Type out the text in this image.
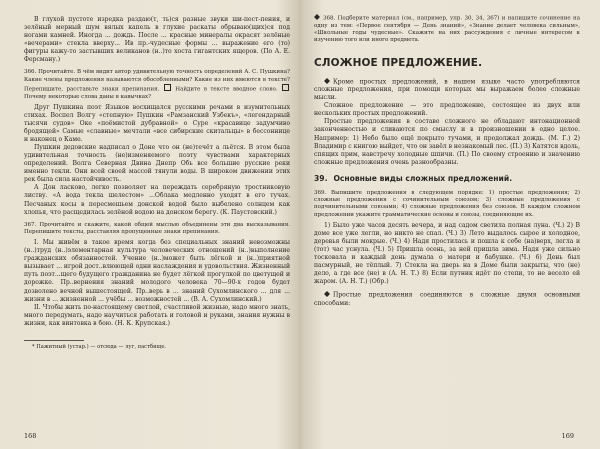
В глухой пустоте изредка раздаю(т, ть)ся разные звуки ши-пест-пения, и зелёный мерный шум вялых капель в глухие раскаты обрываю(щих)ся под ногами камней. Иногда ... дождь. После ... красные минералы окрасят зелёные «вечерами» стекла вверху... Ив пр.-чудесные формы ... выражение его (то) фигуры кажу-то застывших великанов (н..)то хоста гигантских ящеров. (По А. Е. Ферсману.)

366. Прочитайте. В чём видит автор удивительную точность определений А. С. Пушкина? Какие члены предложения называются обособленными? Какие из них имеются в тексте? Перепишите, расставьте знаки препинания.	Найдите в тексте вводное слово.  Почему некоторые слова даны в кавычках?

Друг Пушкина поэт Языков восхищался русскими речами в изумительных стихах. Воспел Волгу «степную» Пушкин «Рамзанский Узбекъ», «легендарный тысячи судов» Оке «поёмистой дубравной» о Суре «красавице задумчиво бродящей» Самые «славные» мечтали «все сибирские скитальцы» в бессоннице и наконец о Каме.

Пушкин дедовские надписал о Доне что он (не)течёт а льётся. В этом была удивительная точность (не)изменяемого поэту чувствами характерных определений. Волга Северная Двина Днепр Обь все большие русские реки именно текли. Они всей своей массой тянули воды. В широком движении этих рек была сила настойчивость.

А Дон ласково, легко позволяет на переждать серебряную тростниковую листву. «А вода текла шелестом» ...Облака медленно уходят в его тучах. Песчаных косы в пересмешьем донской водой было выбелено солнцем как хлопья, что расщедилась зелёной водою на донском берегу. (К. Паустовский.)

367. Прочитайте и скажите, какой общей мыслью объединены эти два высказывания. Перепишите тексты, расставляя пропущенные знаки препинания.

I. Мы живём в такое время когда без специальных знаний невозможны (н..)труд (н..)элементарная культура человеческих отношений (н..)выполнение гражданских обязанностей. Учение (н..)может быть лёгкой и (н..)приятной вызывает ... игрой дост..влюющей одни наслаждения и удовольствия. Жизненный путь поэт...щего будущего гражданина не будет лёгкой прогулкой по цветущей и дорожке. Пр..вернения знаний молодого человека 70—90-х годов будет дозволено вечной вышестоящей. Пр..верь в ... знаний Сухомлинского ... для ... жизни в ... жизненной ... учёбы ... возможностей ... (В. А. Сухомлинский.)

II. Чтобы жить по-настоящему светлой, счастливой жизнью, надо много знать, много передумать, надо научиться работать и головой и руками, знания нужны в жизни, как винтовка в бою. (Н. К. Крупская.)

* Пажитный (устар.) — отсюда — луг, пастбище.

168

368. Подберите материал (см., например, упр. 30, 34, 367) и напишите сочинение на одну из тем: «Первое сентября — День знаний», «Знание делает человека сильным», «Школьные годы чудесные». Скажите на них рассуждения с личные интересом к изучению того или иного предмета.

СЛОЖНОЕ ПРЕДЛОЖЕНИЕ.

Кроме простых предложений, в нашем языке часто употребляются сложные предложения, при помощи которых мы выражаем более сложные мысли.

Сложное предложение — это предложение, состоящее из двух или нескольких простых предложений.

Простые предложения в составе сложного не обладают интонационной законченностью и сливаются по смыслу и в произношении в одно целое. Например: 1) Небо было ещё покрыто тучами, и продолжал дождь. (М. Г.) 2) Владимир с книгою выйдет, что он завёл в незнакомый лес. (П.) 3) Катятся вдоль, спящих прим, навстречу холодные шпичи. (П.) По своему строению и значению сложные предложения очень разнообразны.

39. Основные виды сложных предложений.

369. Выпишите предложения в следующем порядке: 1) простые предложения; 2) сложные предложения с сочинительным союзом; 3) сложные предложения с подчинительными союзами; 4) сложные предложения без союзов. В каждом сложном предложении укажите грамматические основы и союзы, соединяющие их.

1) Было уже часов десять вечера, и над садом светила полная луна. (Ч.) 2) В доме все уже легли, но никто не спал. (Ч.) 3) Лето выдалось сырое и холодное, деревья были мокрые. (Ч.) 4) Надя простилась и пошла к себе (на)верх, легла и (тот) час уснула. (Ч.) 5) Пришла осень, за ней пришла зима. Надя уже сильно тосковала и каждый день думала о матери и бабушке. (Ч.) 6) День был пасмурный, не тёплый. 7) Стекла на дверь на в Доме были закрыты, что (не) дело, а где все (не) в (А. Н. Т.) 8) Если путник идёт по степи, то не весело ей жаром. (А. Н. Т.) (Обр.)

Простые предложения соединяются в сложные двумя основными способами:

169
